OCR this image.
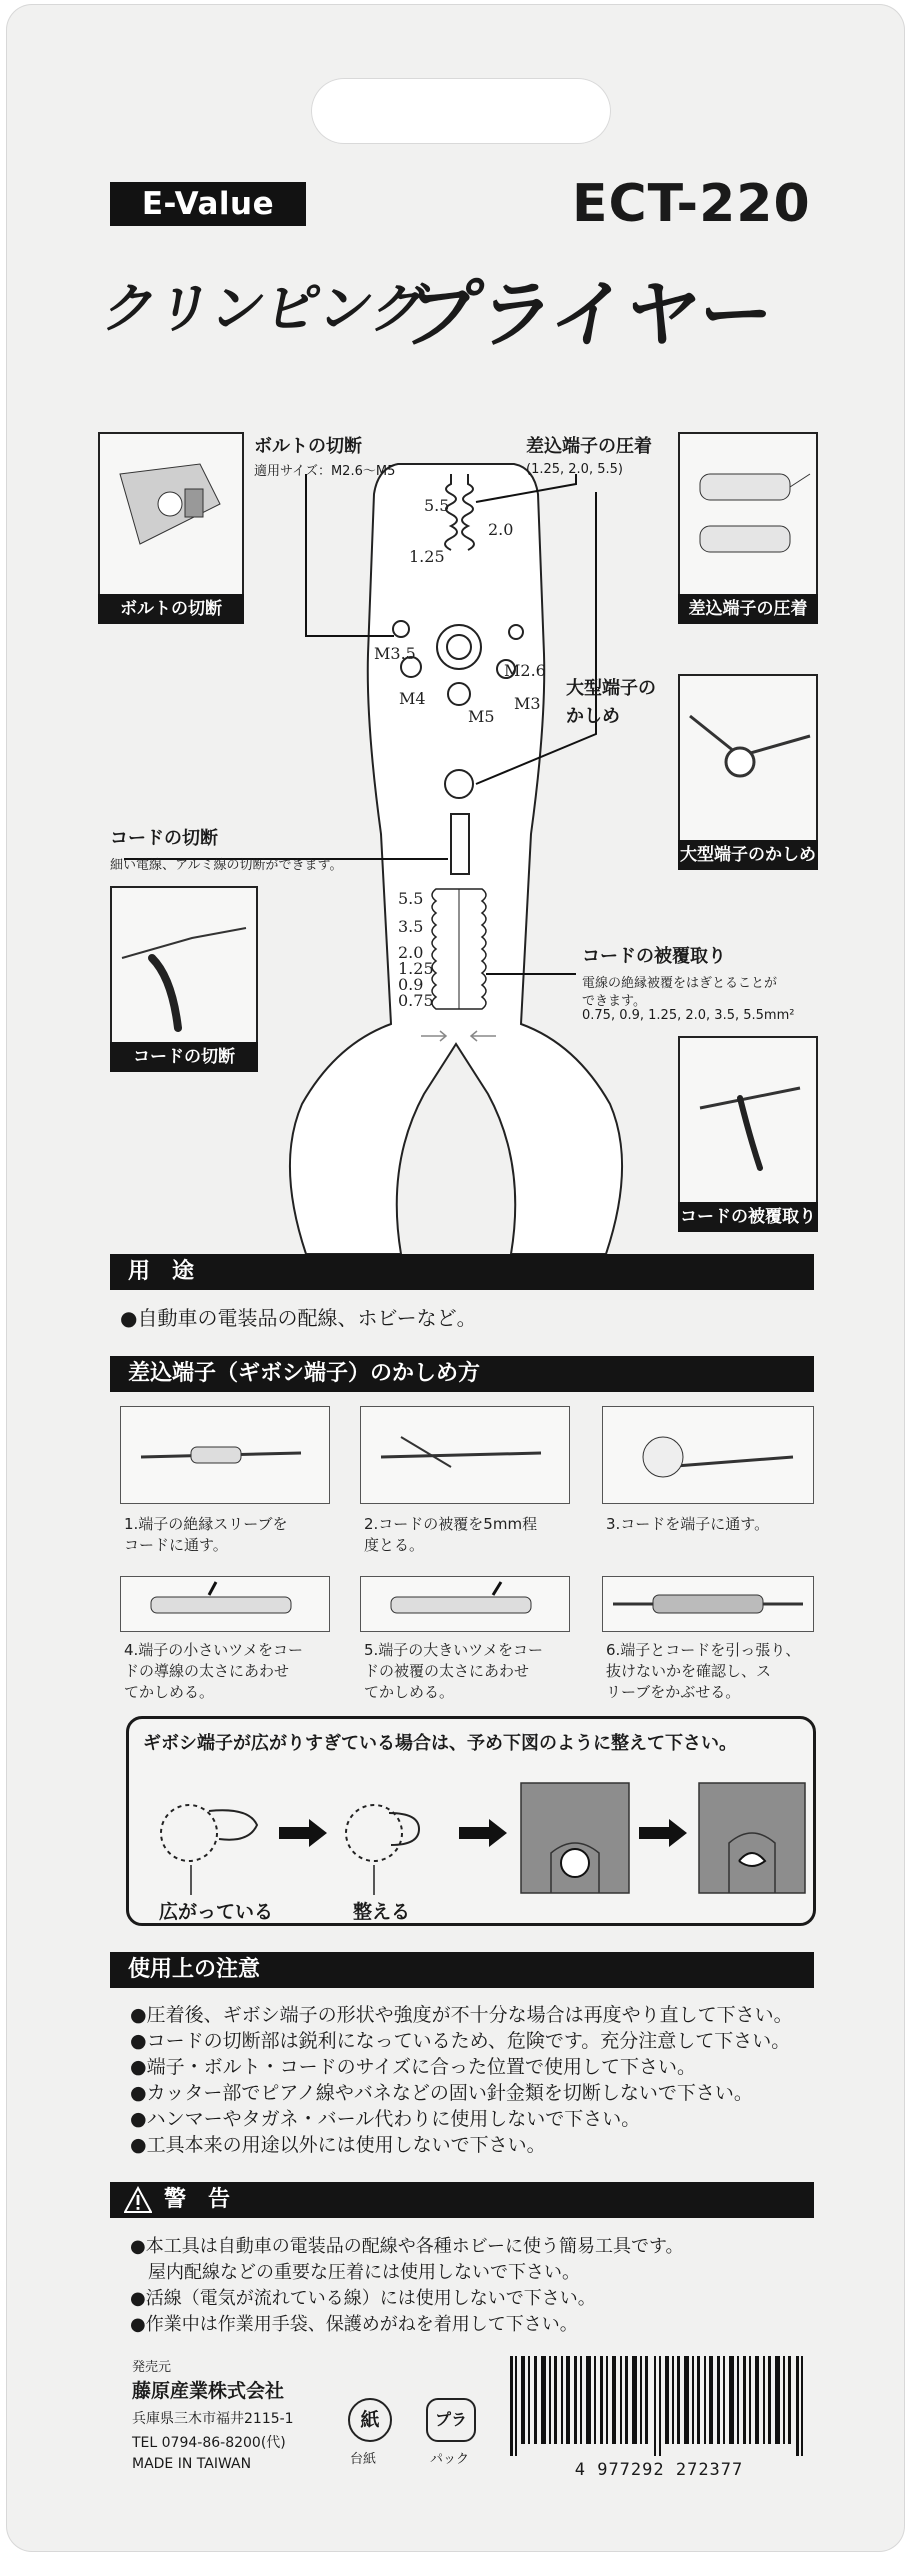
E-Value	ECT-220
クリンピング
プライヤー
5.5
2.0
1.25
M3.5
M2.6
M4	M3
M5
5.5
3.5
2.0
1.25
0.9
0.75
ボルトの切断
適用サイズ：M2.6～M5
差込端子の圧着
(1.25, 2.0, 5.5)
大型端子の
かしめ
コードの切断
細い電線、アルミ線の切断ができます。
コードの被覆取り
電線の絶縁被覆をはぎとることが
できます。
0.75, 0.9, 1.25, 2.0, 3.5, 5.5mm²
ボルトの切断	差込端子の圧着
大型端子のかしめ
コードの切断
コードの被覆取り
用　途
●自動車の電装品の配線、ホビーなど。
差込端子（ギボシ端子）のかしめ方
1.端子の絶縁スリーブを
コードに通す。
2.コードの被覆を5mm程
度とる。
3.コードを端子に通す。
4.端子の小さいツメをコー
ドの導線の太さにあわせ
てかしめる。
5.端子の大きいツメをコー
ドの被覆の太さにあわせ
てかしめる。
6.端子とコードを引っ張り、
抜けないかを確認し、ス
リーブをかぶせる。
ギボシ端子が広がりすぎている場合は、予め下図のように整えて下さい。
広がっている	整える
使用上の注意
●圧着後、ギボシ端子の形状や強度が不十分な場合は再度やり直して下さい。
●コードの切断部は鋭利になっているため、危険です。充分注意して下さい。
●端子・ボルト・コードのサイズに合った位置で使用して下さい。
●カッター部でピアノ線やバネなどの固い針金類を切断しないで下さい。
●ハンマーやタガネ・バール代わりに使用しないで下さい。
●工具本来の用途以外には使用しないで下さい。
警　告
●本工具は自動車の電装品の配線や各種ホビーに使う簡易工具です。
　屋内配線などの重要な圧着には使用しないで下さい。
●活線（電気が流れている線）には使用しないで下さい。
●作業中は作業用手袋、保護めがねを着用して下さい。
発売元
藤原産業株式会社
兵庫県三木市福井2115-1
TEL 0794-86-8200(代)
MADE IN TAIWAN
紙
台紙
プラ
パック
4 977292 272377
